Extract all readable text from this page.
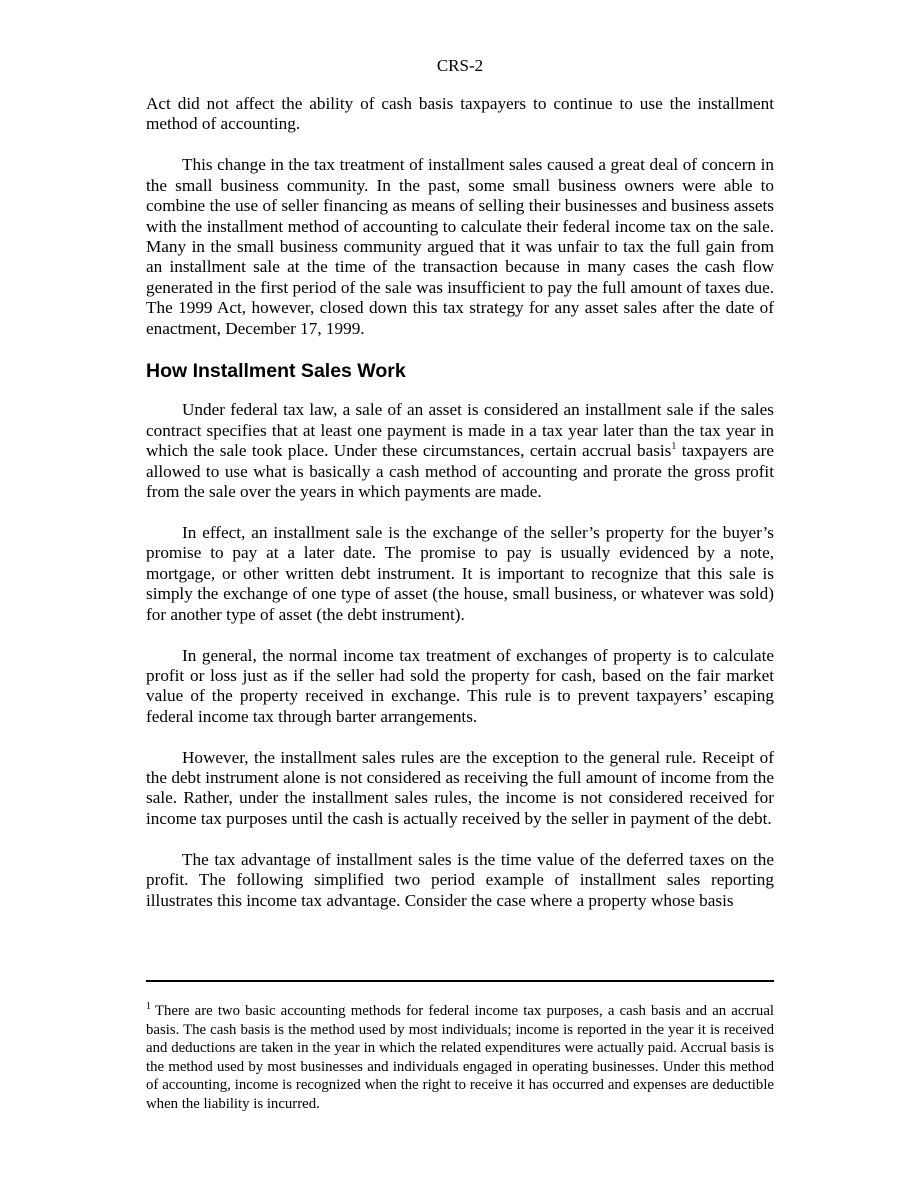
CRS-2

Act did not affect the ability of cash basis taxpayers to continue to use the installment method of accounting.

This change in the tax treatment of installment sales caused a great deal of concern in the small business community. In the past, some small business owners were able to combine the use of seller financing as means of selling their businesses and business assets with the installment method of accounting to calculate their federal income tax on the sale. Many in the small business community argued that it was unfair to tax the full gain from an installment sale at the time of the transaction because in many cases the cash flow generated in the first period of the sale was insufficient to pay the full amount of taxes due. The 1999 Act, however, closed down this tax strategy for any asset sales after the date of enactment, December 17, 1999.

How Installment Sales Work

Under federal tax law, a sale of an asset is considered an installment sale if the sales contract specifies that at least one payment is made in a tax year later than the tax year in which the sale took place. Under these circumstances, certain accrual basis$^1$ taxpayers are allowed to use what is basically a cash method of accounting and prorate the gross profit from the sale over the years in which payments are made.

In effect, an installment sale is the exchange of the seller’s property for the buyer’s promise to pay at a later date. The promise to pay is usually evidenced by a note, mortgage, or other written debt instrument. It is important to recognize that this sale is simply the exchange of one type of asset (the house, small business, or whatever was sold) for another type of asset (the debt instrument).

In general, the normal income tax treatment of exchanges of property is to calculate profit or loss just as if the seller had sold the property for cash, based on the fair market value of the property received in exchange. This rule is to prevent taxpayers’ escaping federal income tax through barter arrangements.

However, the installment sales rules are the exception to the general rule. Receipt of the debt instrument alone is not considered as receiving the full amount of income from the sale. Rather, under the installment sales rules, the income is not considered received for income tax purposes until the cash is actually received by the seller in payment of the debt.

The tax advantage of installment sales is the time value of the deferred taxes on the profit. The following simplified two period example of installment sales reporting illustrates this income tax advantage. Consider the case where a property whose basis

$^1$ There are two basic accounting methods for federal income tax purposes, a cash basis and an accrual basis. The cash basis is the method used by most individuals; income is reported in the year it is received and deductions are taken in the year in which the related expenditures were actually paid. Accrual basis is the method used by most businesses and individuals engaged in operating businesses. Under this method of accounting, income is recognized when the right to receive it has occurred and expenses are deductible when the liability is incurred.
